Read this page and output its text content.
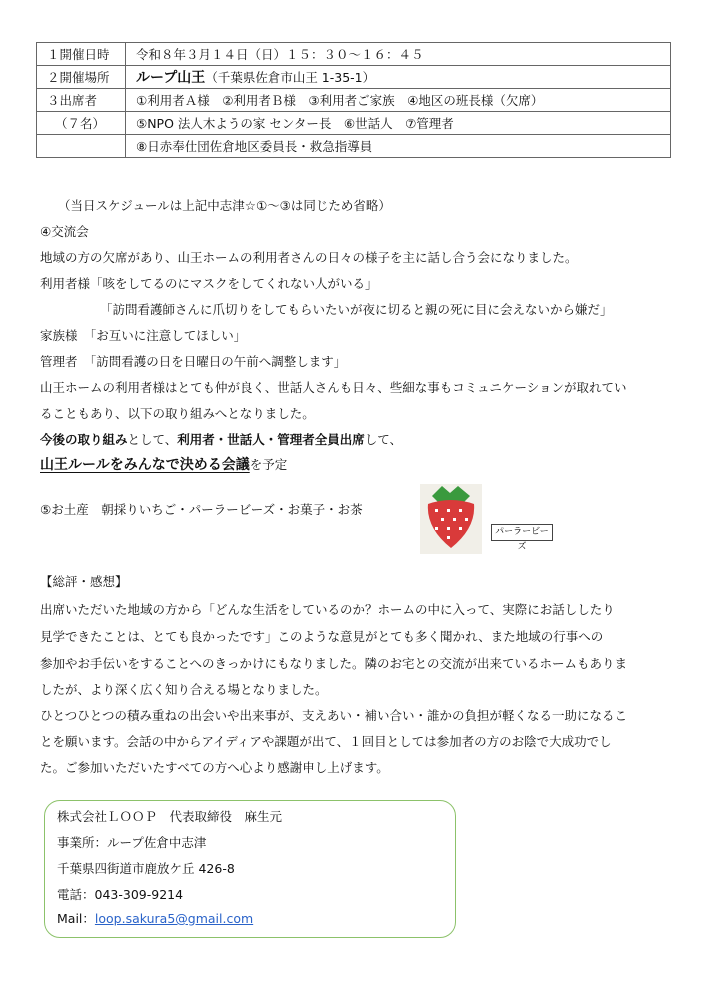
１開催日時	令和８年３月１４日（日）１５：３０〜１６：４５
２開催場所	ループ山王（千葉県佐倉市山王 1-35-1）
３出席者	①利用者Ａ様　②利用者Ｂ様　③利用者ご家族　④地区の班長様（欠席）
（７名）	⑤NPO 法人木ようの家 センター長　⑥世話人　⑦管理者
	⑧日赤奉仕団佐倉地区委員長・救急指導員
（当日スケジュールは上記中志津☆①〜③は同じため省略）
④交流会
地域の方の欠席があり、山王ホームの利用者さんの日々の様子を主に話し合う会になりました。
利用者様「咳をしてるのにマスクをしてくれない人がいる」
「訪問看護師さんに爪切りをしてもらいたいが夜に切ると親の死に目に会えないから嫌だ」
家族様　「お互いに注意してほしい」
管理者　「訪問看護の日を日曜日の午前へ調整します」
山王ホームの利用者様はとても仲が良く、世話人さんも日々、些細な事もコミュニケーションが取れてい
ることもあり、以下の取り組みへとなりました。
今後の取り組みとして、利用者・世話人・管理者全員出席して、
山王ルールをみんなで決める会議を予定
⑤お土産　朝採りいちご・パーラービーズ・お菓子・お茶
パーラービーズ
【総評・感想】
出席いただいた地域の方から「どんな生活をしているのか？ホームの中に入って、実際にお話ししたり
見学できたことは、とても良かったです」このような意見がとても多く聞かれ、また地域の行事への
参加やお手伝いをすることへのきっかけにもなりました。隣のお宅との交流が出来ているホームもありま
したが、より深く広く知り合える場となりました。
ひとつひとつの積み重ねの出会いや出来事が、支えあい・補い合い・誰かの負担が軽くなる一助になるこ
とを願います。会話の中からアイディアや課題が出て、１回目としては参加者の方のお陰で大成功でし
た。ご参加いただいたすべての方へ心より感謝申し上げます。
株式会社ＬＯＯＰ　代表取締役　麻生元
事業所：ループ佐倉中志津
千葉県四街道市鹿放ケ丘 426-8
電話：043-309-9214
Mail：loop.sakura5@gmail.com
